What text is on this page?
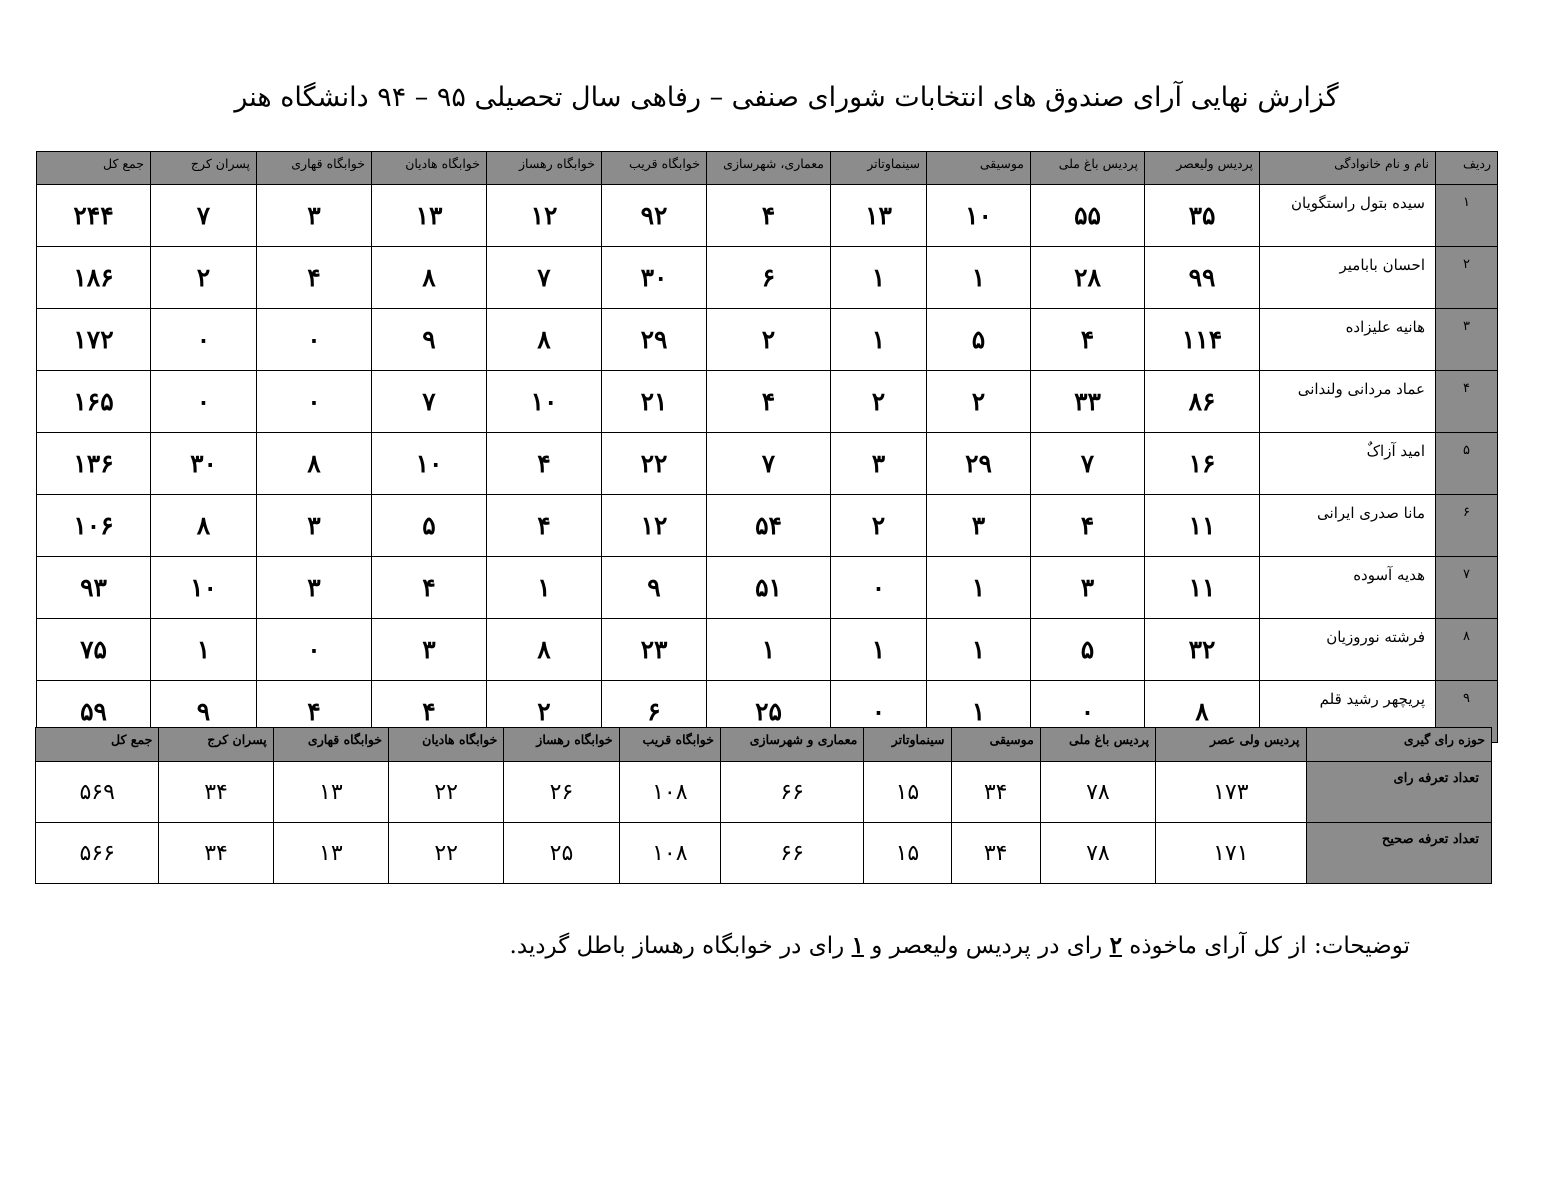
گزارش نهایی آرای صندوق های انتخابات شورای صنفی – رفاهی سال تحصیلی ۹۵ – ۹۴ دانشگاه هنر
ردیف	نام و نام خانوادگی	پردیس ولیعصر	پردیس باغ ملی	موسیقی	سینماوتاتر	معماری، شهرسازی	خوابگاه قریب	خوابگاه رهساز	خوابگاه هادیان	خوابگاه قهاری	پسران کرج	جمع کل
۱	سیده بتول راستگویان	۳۵	۵۵	۱۰	۱۳	۴	۹۲	۱۲	۱۳	۳	۷	۲۴۴
۲	احسان بابامیر	۹۹	۲۸	۱	۱	۶	۳۰	۷	۸	۴	۲	۱۸۶
۳	هانیه علیزاده	۱۱۴	۴	۵	۱	۲	۲۹	۸	۹	۰	۰	۱۷۲
۴	عماد مردانی ولندانی	۸۶	۳۳	۲	۲	۴	۲۱	۱۰	۷	۰	۰	۱۶۵
۵	امید آزاکٌ	۱۶	۷	۲۹	۳	۷	۲۲	۴	۱۰	۸	۳۰	۱۳۶
۶	مانا صدری ایرانی	۱۱	۴	۳	۲	۵۴	۱۲	۴	۵	۳	۸	۱۰۶
۷	هدیه آسوده	۱۱	۳	۱	۰	۵۱	۹	۱	۴	۳	۱۰	۹۳
۸	فرشته نوروزیان	۳۲	۵	۱	۱	۱	۲۳	۸	۳	۰	۱	۷۵
۹	پریچهر رشید قلم	۸	۰	۱	۰	۲۵	۶	۲	۴	۴	۹	۵۹
حوزه رای گیری	پردیس ولی عصر	پردیس باغ ملی	موسیقی	سینماوتاتر	معماری و شهرسازی	خوابگاه قریب	خوابگاه رهساز	خوابگاه هادیان	خوابگاه قهاری	پسران کرج	جمع کل
تعداد تعرفه رای	۱۷۳	۷۸	۳۴	۱۵	۶۶	۱۰۸	۲۶	۲۲	۱۳	۳۴	۵۶۹
تعداد تعرفه صحیح	۱۷۱	۷۸	۳۴	۱۵	۶۶	۱۰۸	۲۵	۲۲	۱۳	۳۴	۵۶۶
توضیحات: از کل آرای ماخوذه ۲ رای در پردیس ولیعصر و ۱ رای در خوابگاه رهساز باطل گردید.
